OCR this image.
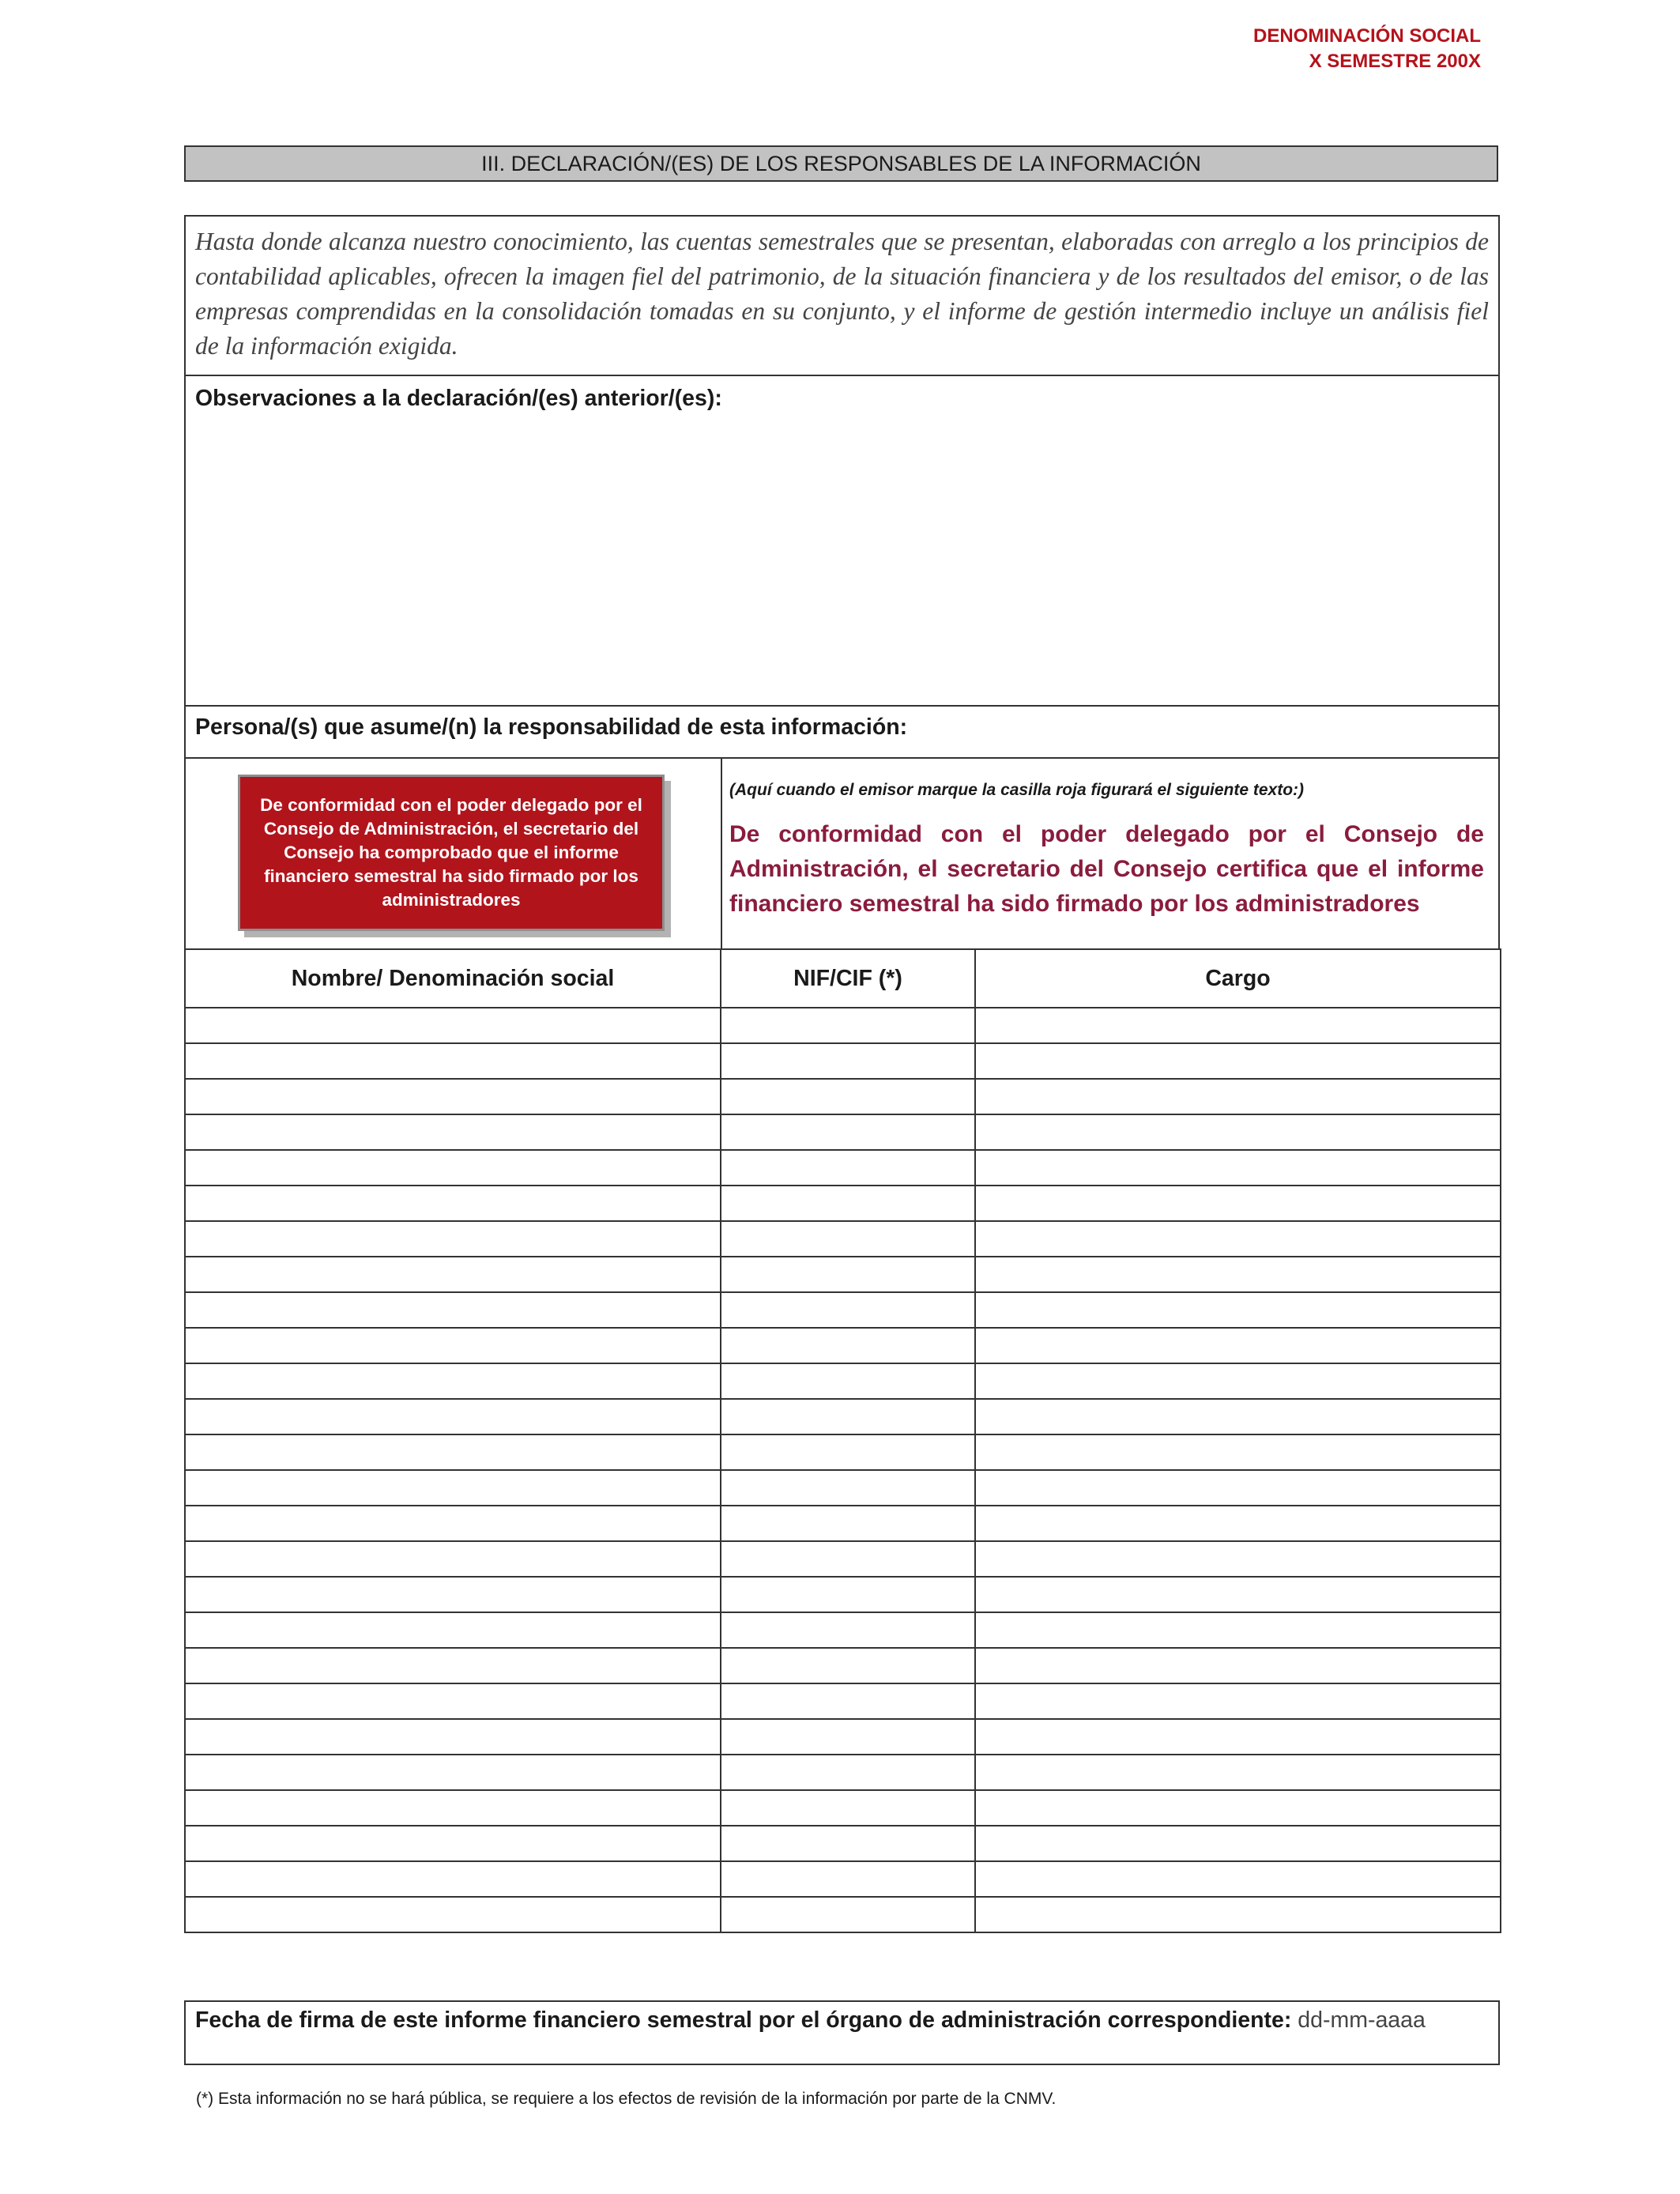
DENOMINACIÓN SOCIAL
X SEMESTRE 200X
III. DECLARACIÓN/(ES) DE LOS RESPONSABLES DE LA INFORMACIÓN
Hasta donde alcanza nuestro conocimiento, las cuentas semestrales que se presentan, elaboradas con arreglo a los principios de contabilidad aplicables, ofrecen la imagen fiel del patrimonio, de la situación financiera y de los resultados del emisor, o de las empresas comprendidas en la consolidación tomadas en su conjunto, y el informe de gestión intermedio incluye un análisis fiel de la información exigida.
Observaciones a la declaración/(es) anterior/(es):
Persona/(s) que asume/(n) la responsabilidad de esta información:
De conformidad con el poder delegado por el Consejo de Administración, el secretario del Consejo ha comprobado que el informe financiero semestral ha sido firmado por los administradores
(Aquí cuando el emisor marque la casilla roja figurará el siguiente texto:)
De conformidad con el poder delegado por el Consejo de Administración, el secretario del Consejo certifica que el informe financiero semestral ha sido firmado por los administradores
Nombre/ Denominación social	NIF/CIF (*)	Cargo

Fecha de firma de este informe financiero semestral por el órgano de administración correspondiente: dd-mm-aaaa
(*) Esta información no se hará pública, se requiere a los efectos de revisión de la información por parte de la CNMV.
